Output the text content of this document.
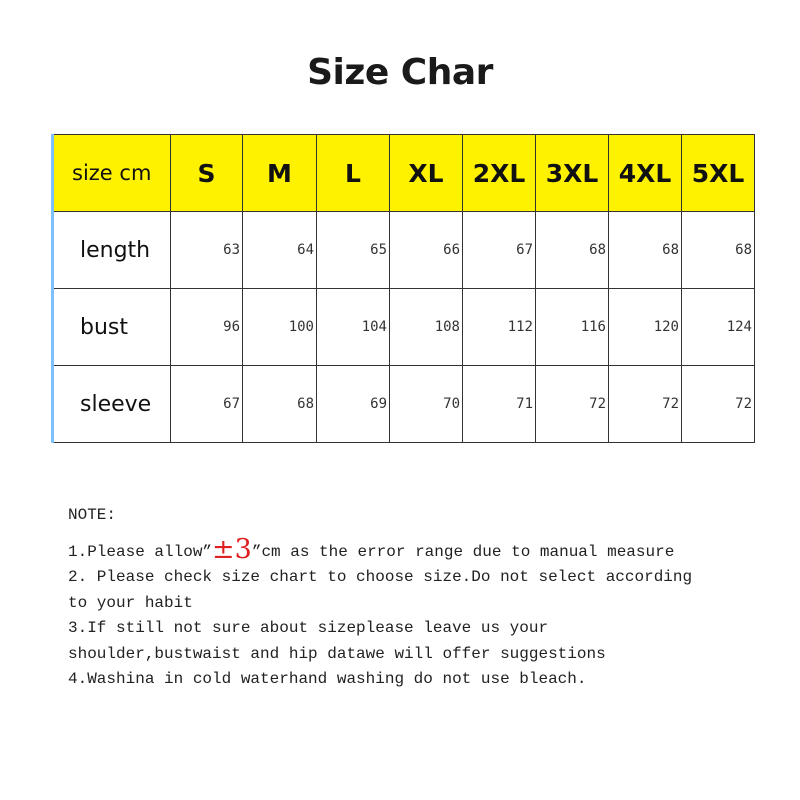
Size Char
size cm	S	M	L	XL	2XL	3XL	4XL	5XL
length	63	64	65	66	67	68	68	68
bust	96	100	104	108	112	116	120	124
sleeve	67	68	69	70	71	72	72	72

NOTE:

1.Please allow”±3”cm as the error range due to manual measure

2. Please check size chart to choose size.Do not select according

to your habit

3.If still not sure about sizeplease leave us your

shoulder,bustwaist and hip datawe will offer suggestions

4.Washina in cold waterhand washing do not use bleach.
